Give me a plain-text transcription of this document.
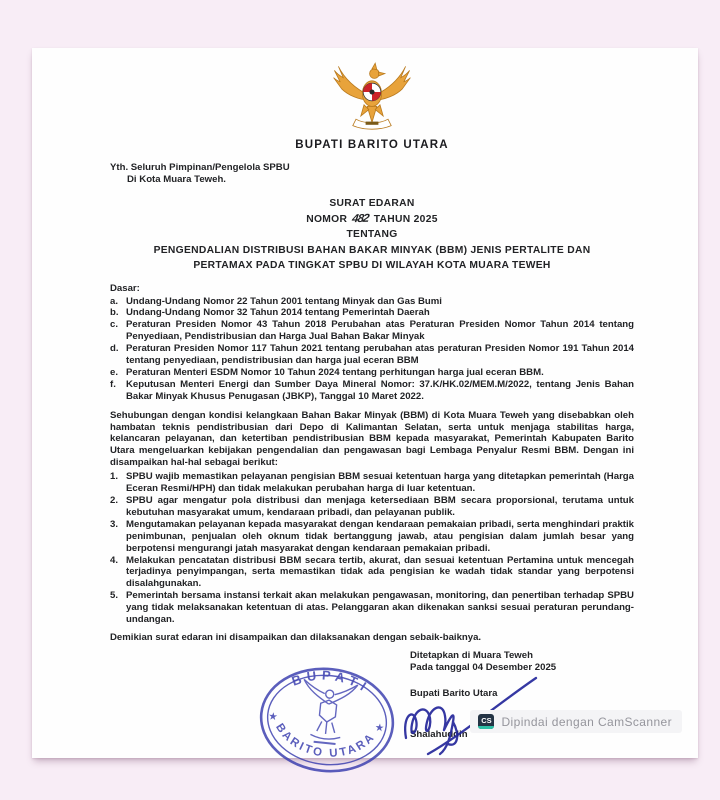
BUPATI BARITO UTARA
Yth. Seluruh Pimpinan/Pengelola SPBU
Di Kota Muara Teweh.
SURAT EDARAN
NOMOR 482 TAHUN 2025
TENTANG
PENGENDALIAN DISTRIBUSI BAHAN BAKAR MINYAK (BBM) JENIS PERTALITE DAN
PERTAMAX PADA TINGKAT SPBU DI WILAYAH KOTA MUARA TEWEH
Dasar:
a. Undang-Undang Nomor 22 Tahun 2001 tentang Minyak dan Gas Bumi
b. Undang-Undang Nomor 32 Tahun 2014 tentang Pemerintah Daerah
c. Peraturan Presiden Nomor 43 Tahun 2018 Perubahan atas Peraturan Presiden Nomor Tahun 2014 tentang Penyediaan, Pendistribusian dan Harga Jual Bahan Bakar Minyak
d. Peraturan Presiden Nomor 117 Tahun 2021 tentang perubahan atas peraturan Presiden Nomor 191 Tahun 2014 tentang penyediaan, pendistribusian dan harga jual eceran BBM
e. Peraturan Menteri ESDM Nomor 10 Tahun 2024 tentang perhitungan harga jual eceran BBM.
f.	Keputusan Menteri Energi dan Sumber Daya Mineral Nomor: 37.K/HK.02/MEM.M/2022, tentang Jenis Bahan Bakar Minyak Khusus Penugasan (JBKP), Tanggal 10 Maret 2022.

Sehubungan dengan kondisi kelangkaan Bahan Bakar Minyak (BBM) di Kota Muara Teweh yang disebabkan oleh hambatan teknis pendistribusian dari Depo di Kalimantan Selatan, serta untuk menjaga stabilitas harga, kelancaran pelayanan, dan ketertiban pendistribusian BBM kepada masyarakat, Pemerintah Kabupaten Barito Utara mengeluarkan kebijakan pengendalian dan pengawasan bagi Lembaga Penyalur Resmi BBM. Dengan ini disampaikan hal-hal sebagai berikut:

1. SPBU wajib memastikan pelayanan pengisian BBM sesuai ketentuan harga yang ditetapkan pemerintah (Harga Eceran Resmi/HPH) dan tidak melakukan perubahan harga di luar ketentuan.
2. SPBU agar mengatur pola distribusi dan menjaga ketersediaan BBM secara proporsional, terutama untuk kebutuhan masyarakat umum, kendaraan pribadi, dan pelayanan publik.
3. Mengutamakan pelayanan kepada masyarakat dengan kendaraan pemakaian pribadi, serta menghindari praktik penimbunan, penjualan oleh oknum tidak bertanggung jawab, atau pengisian dalam jumlah besar yang berpotensi mengurangi jatah masyarakat dengan kendaraan pemakaian pribadi.
4. Melakukan pencatatan distribusi BBM secara tertib, akurat, dan sesuai ketentuan Pertamina untuk mencegah terjadinya penyimpangan, serta memastikan tidak ada pengisian ke wadah tidak standar yang berpotensi disalahgunakan.
5. Pemerintah bersama instansi terkait akan melakukan pengawasan, monitoring, dan penertiban terhadap SPBU yang tidak melaksanakan ketentuan di atas. Pelanggaran akan dikenakan sanksi sesuai peraturan perundang-undangan.

Demikian surat edaran ini disampaikan dan dilaksanakan dengan sebaik-baiknya.

BUPATI
BARITO UTARA
★
★
Ditetapkan di Muara Teweh
Pada tanggal 04 Desember 2025
Bupati Barito Utara
Shalahuddin
CS Dipindai dengan CamScanner
